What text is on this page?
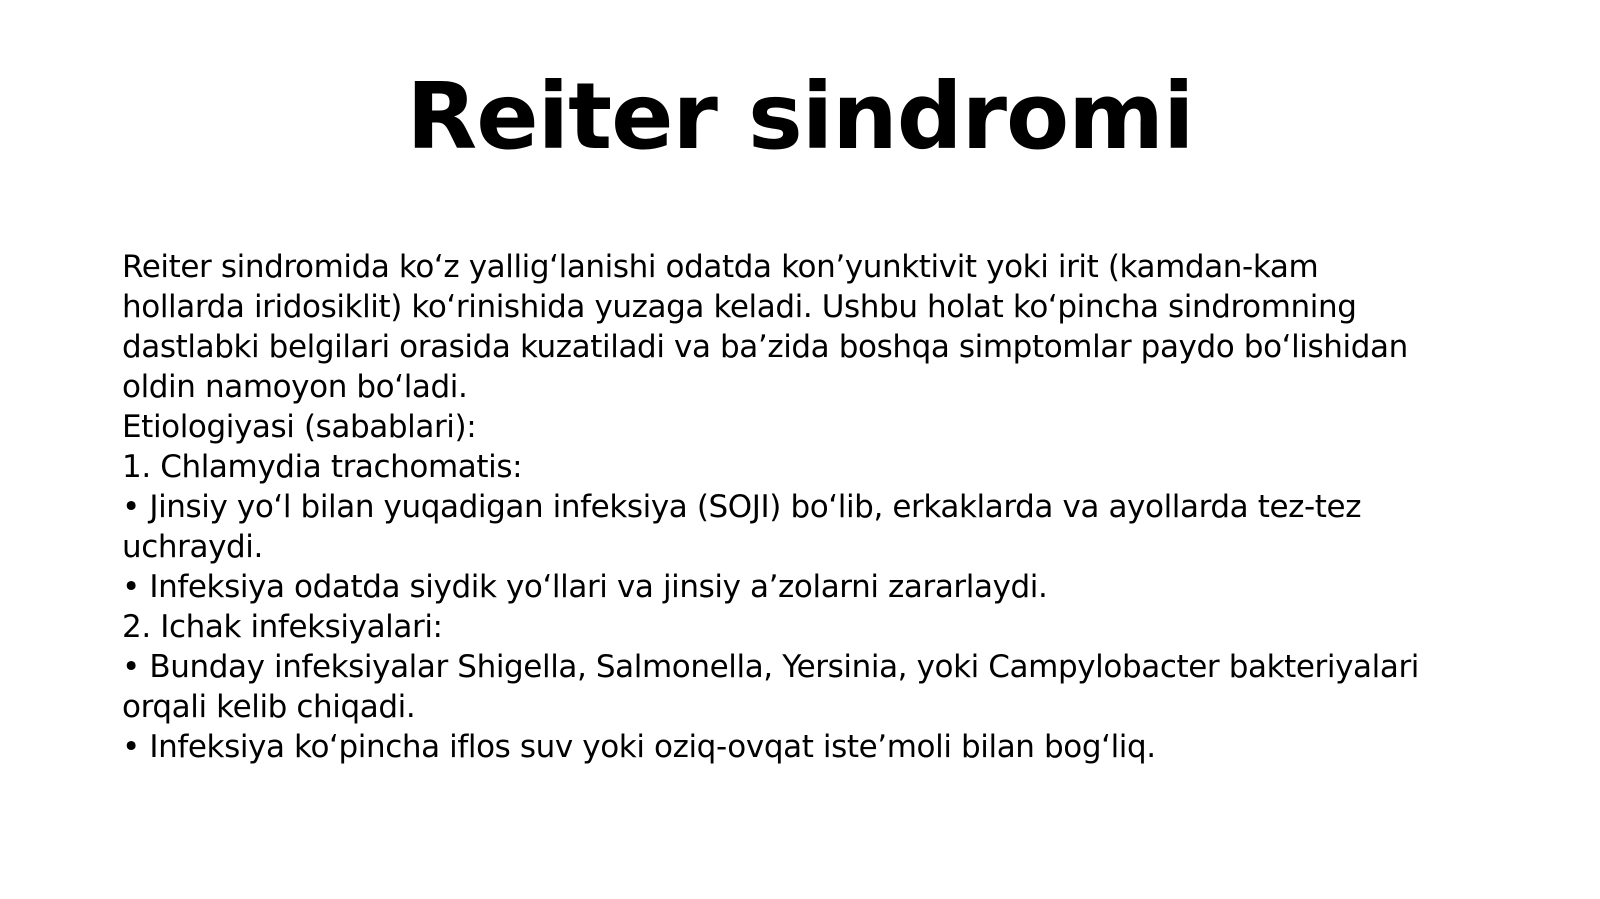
Reiter sindromi
Reiter sindromida ko‘z yallig‘lanishi odatda kon’yunktivit yoki irit (kamdan-kam
hollarda iridosiklit) ko‘rinishida yuzaga keladi. Ushbu holat ko‘pincha sindromning
dastlabki belgilari orasida kuzatiladi va ba’zida boshqa simptomlar paydo bo‘lishidan
oldin namoyon bo‘ladi.
Etiologiyasi (sabablari):
1. Chlamydia trachomatis:
• Jinsiy yo‘l bilan yuqadigan infeksiya (SOJI) bo‘lib, erkaklarda va ayollarda tez-tez
uchraydi.
• Infeksiya odatda siydik yo‘llari va jinsiy a’zolarni zararlaydi.
2. Ichak infeksiyalari:
• Bunday infeksiyalar Shigella, Salmonella, Yersinia, yoki Campylobacter bakteriyalari
orqali kelib chiqadi.
• Infeksiya ko‘pincha iflos suv yoki oziq-ovqat iste’moli bilan bog‘liq.
